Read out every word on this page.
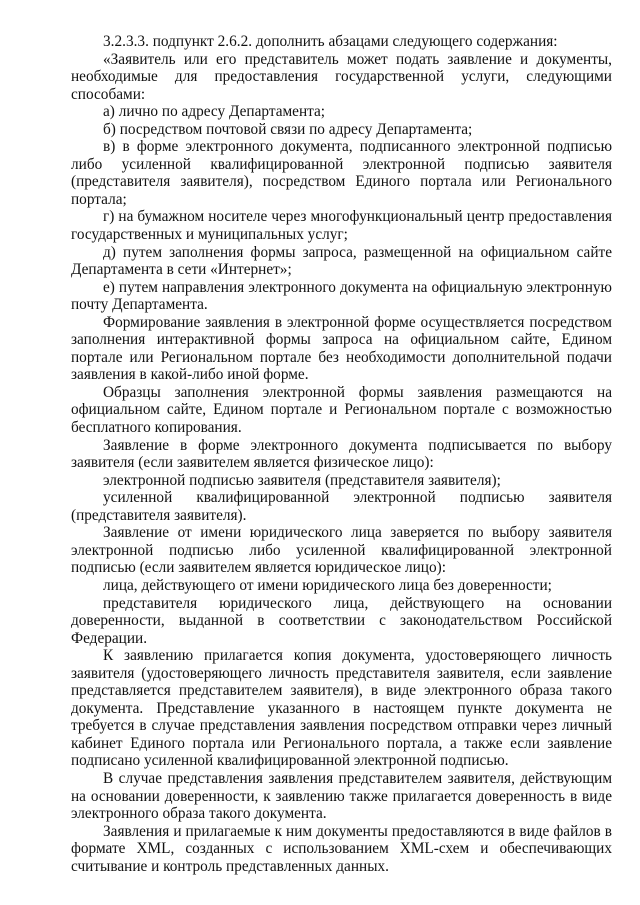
3.2.3.3. подпункт 2.6.2. дополнить абзацами следующего содержания:

«Заявитель или его представитель может подать заявление и документы, необходимые для предоставления государственной услуги, следующими способами:

а) лично по адресу Департамента;

б) посредством почтовой связи по адресу Департамента;

в) в форме электронного документа, подписанного электронной подписью либо усиленной квалифицированной электронной подписью заявителя (представителя заявителя), посредством Единого портала или Регионального портала;

г) на бумажном носителе через многофункциональный центр предоставления государственных и муниципальных услуг;

д) путем заполнения формы запроса, размещенной на официальном сайте Департамента в сети «Интернет»;

е) путем направления электронного документа на официальную электронную почту Департамента.

Формирование заявления в электронной форме осуществляется посредством заполнения интерактивной формы запроса на официальном сайте, Едином портале или Региональном портале без необходимости дополнительной подачи заявления в какой-либо иной форме.

Образцы заполнения электронной формы заявления размещаются на официальном сайте, Едином портале и Региональном портале с возможностью бесплатного копирования.

Заявление в форме электронного документа подписывается по выбору заявителя (если заявителем является физическое лицо):

электронной подписью заявителя (представителя заявителя);

усиленной квалифицированной электронной подписью заявителя (представителя заявителя).

Заявление от имени юридического лица заверяется по выбору заявителя электронной подписью либо усиленной квалифицированной электронной подписью (если заявителем является юридическое лицо):

лица, действующего от имени юридического лица без доверенности;

представителя юридического лица, действующего на основании доверенности, выданной в соответствии с законодательством Российской Федерации.

К заявлению прилагается копия документа, удостоверяющего личность заявителя (удостоверяющего личность представителя заявителя, если заявление представляется представителем заявителя), в виде электронного образа такого документа. Представление указанного в настоящем пункте документа не требуется в случае представления заявления посредством отправки через личный кабинет Единого портала или Регионального портала, а также если заявление подписано усиленной квалифицированной электронной подписью.

В случае представления заявления представителем заявителя, действующим на основании доверенности, к заявлению также прилагается доверенность в виде электронного образа такого документа.

Заявления и прилагаемые к ним документы предоставляются в виде файлов в формате XML, созданных с использованием XML-схем и обеспечивающих считывание и контроль представленных данных.
